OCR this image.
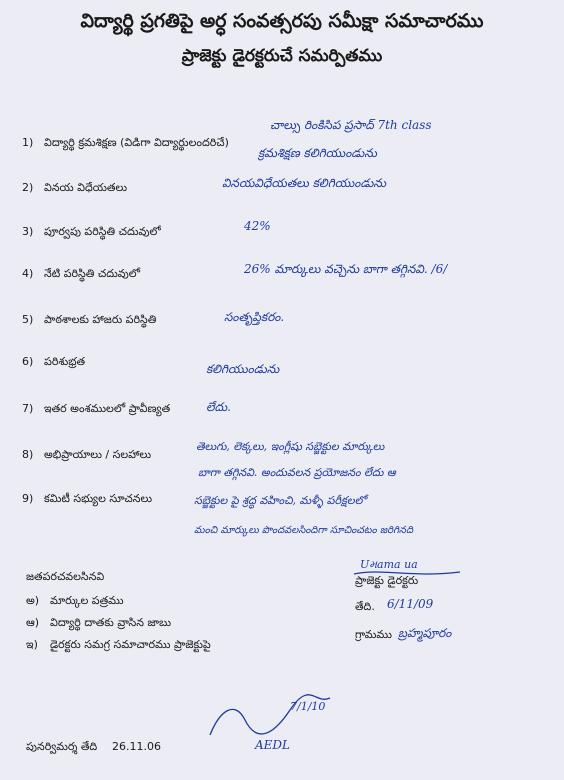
విద్యార్థి ప్రగతిపై అర్ధ సంవత్సరపు సమీక్షా సమాచారము
ప్రాజెక్టు డైరక్టరుచే సమర్పితము
1) విద్యార్థి క్రమశిక్షణ (విడిగా విద్యార్థులందరిచే)
2) వినయ విధేయతలు
3) పూర్వపు పరిస్థితి చదువులో
4) నేటి పరిస్థితి చదువులో
5) పాఠశాలకు హాజరు పరిస్థితి
6) పరిశుభ్రత
7) ఇతర అంశములలో ప్రావీణ్యత
8) అభిప్రాయాలు / సలహాలు
9) కమిటీ సభ్యుల సూచనలు
చాల్సు రింకిసిప ప్రసాద్ 7th class
క్రమశిక్షణ కలిగియుండును
వినయవిధేయతలు కలిగియుండును
42%
26% మార్కులు వచ్చెను బాగా తగ్గినవి. /6/
సంతృప్తికరం.
కలిగియుండును
లేదు.
తెలుగు, లెక్కలు, ఇంగ్లీషు సబ్జెక్టుల మార్కులు
బాగా తగ్గినవి. అందువలన ప్రయోజనం లేదు ఆ
సబ్జెక్టుల పై శ్రద్ధ వహించి, మళ్ళీ పరీక్షలలో
మంచి మార్కులు పొందవలసిందిగా సూచించటం జరిగినది
Uમama ua
ప్రాజెక్టు డైరక్టరు
తేది. 6/11/09
గ్రామము బ్రహ్మపూరం
జతపరచవలసినవి
అ) మార్కుల పత్రము
ఆ) విద్యార్థి దాతకు వ్రాసిన జాబు
ఇ) డైరక్టరు సమగ్ర సమాచారము ప్రాజెక్టుపై
7/1/10
AEDL
పునర్విమర్శ తేది 26.11.06
